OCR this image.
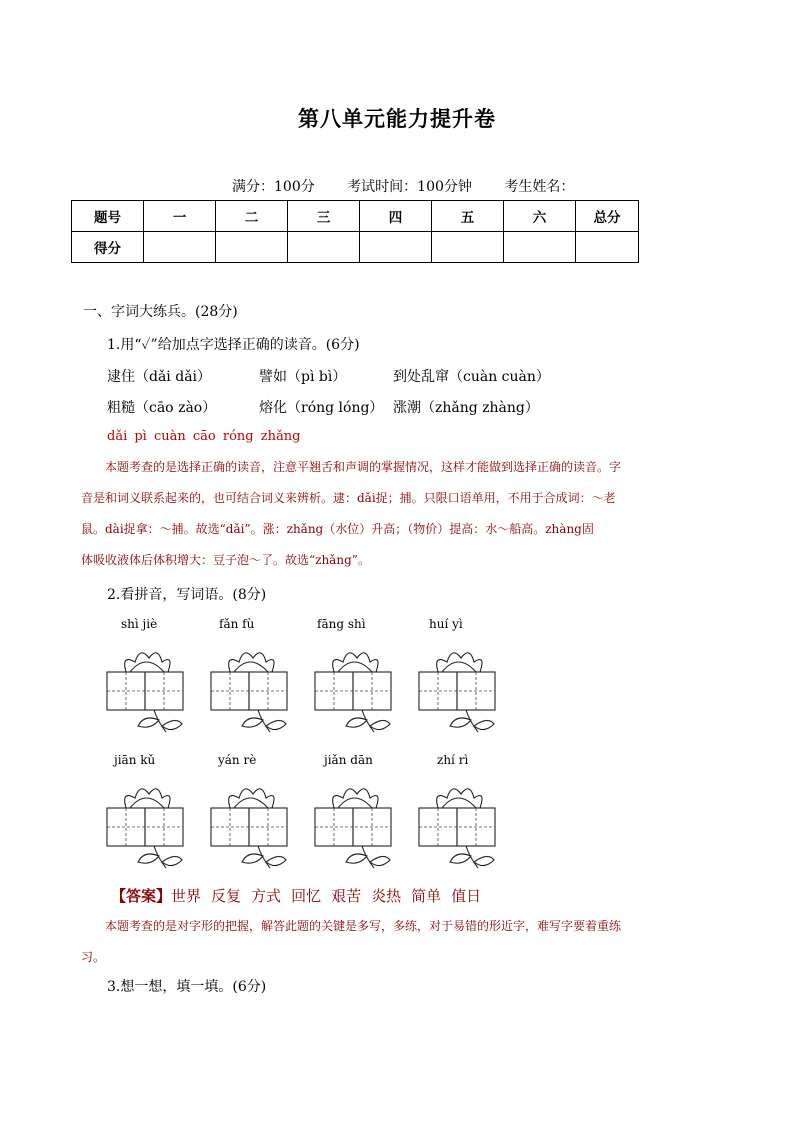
第八单元能力提升卷
满分：100分 考试时间：100分钟 考生姓名：
题号	一	二	三	四	五	六	总分
得分							
一、字词大练兵。(28分)
1.用“✓”给加点字选择正确的读音。(6分)
逮住（dǎi dǎi）	譬如（pì bì）	到处乱窜（cuàn cuàn）
粗糙（cāo zào）	熔化（róng lóng） 涨潮（zhǎng zhàng）
dǎi pì cuàn cāo róng zhǎng

本题考查的是选择正确的读音，注意平翘舌和声调的掌握情况，这样才能做到选择正确的读音。字

音是和词义联系起来的，也可结合词义来辨析。逮：dǎi捉；捕。只限口语单用，不用于合成词：～老

鼠。dài捉拿：～捕。故选“dǎi”。涨：zhǎng（水位）升高；（物价）提高：水～船高。zhàng固

体吸收液体后体积增大：豆子泡～了。故选“zhǎng”。

2.看拼音，写词语。(8分)
shì jiè	fǎn fù	fāng shì	huí yì
jiān kǔ	yán rè	jiǎn dān	zhí rì
【答案】世界 反复 方式 回忆 艰苦 炎热 简单 值日

本题考查的是对字形的把握，解答此题的关键是多写，多练，对于易错的形近字，难写字要着重练

习。

3.想一想，填一填。(6分)
